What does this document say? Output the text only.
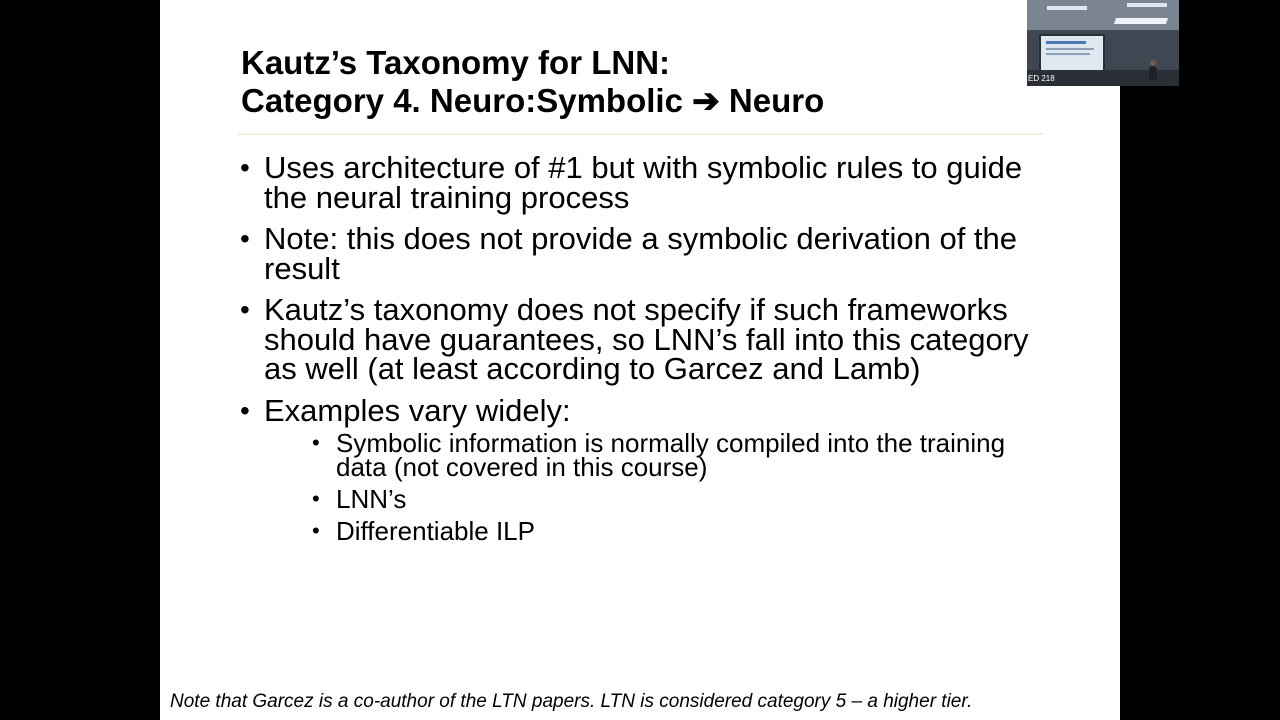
Kautz’s Taxonomy for LNN:
Category 4. Neuro:Symbolic ➔ Neuro
• Uses architecture of #1 but with symbolic rules to guide the neural training process
• Note: this does not provide a symbolic derivation of the result
• Kautz’s taxonomy does not specify if such frameworks should have guarantees, so LNN’s fall into this category as well (at least according to Garcez and Lamb)
• Examples vary widely:
• Symbolic information is normally compiled into the training data (not covered in this course)
• LNN’s
• Differentiable ILP
Note that Garcez is a co-author of the LTN papers. LTN is considered category 5 – a higher tier.
ED 218
